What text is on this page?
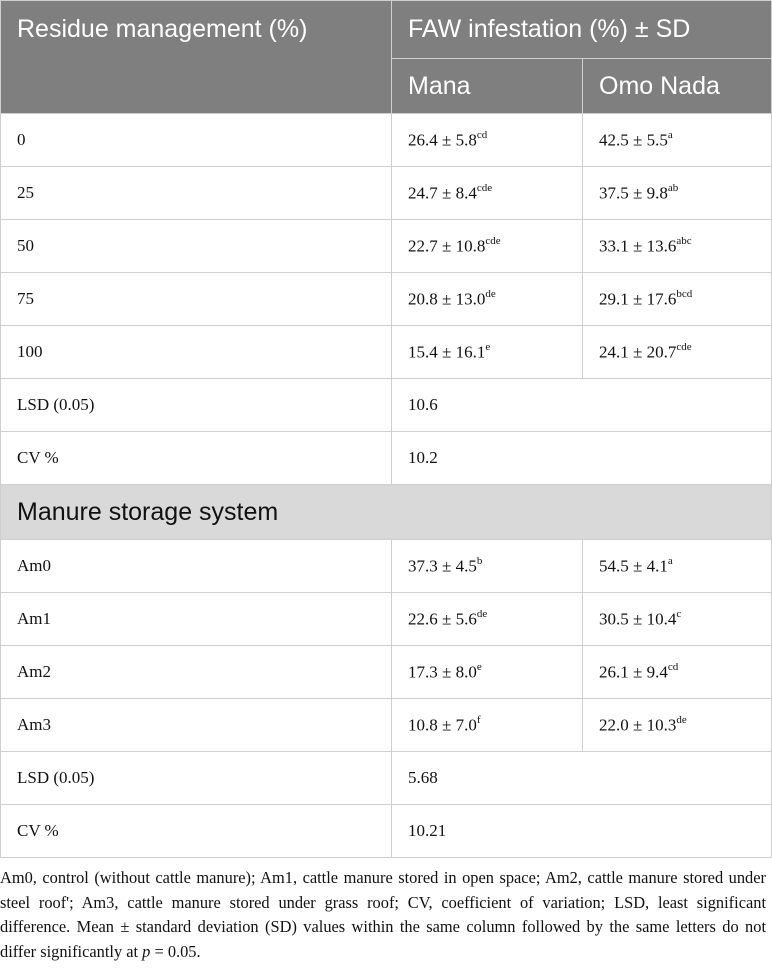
Residue management (%)	FAW infestation (%) ± SD	
	Mana	Omo Nada
0	26.4 ± 5.8$^{cd}$	42.5 ± 5.5$^a$
25	24.7 ± 8.4$^{cde}$	37.5 ± 9.8$^{ab}$
50	22.7 ± 10.8$^{cde}$	33.1 ± 13.6$^{abc}$
75	20.8 ± 13.0de	29.1 ± 17.6$^{bcd}$
100	15.4 ± 16.1$^e$	24.1 ± 20.7$^{cde}$
LSD (0.05)	10.6	
CV %	10.2	
Manure storage system		
Am0	37.3 ± 4.5$^b$	54.5 ± 4.1$^a$
Am1	22.6 ± 5.6de	30.5 ± 10.4$^c$
Am2	17.3 ± 8.0$^e$	26.1 ± 9.4$^{cd}$
Am3	10.8 ± 7.0$^f$	22.0 ± 10.3de
LSD (0.05)	5.68	
CV %	10.21	
Am0, control (without cattle manure); Am1, cattle manure stored in open space; Am2, cattle manure stored under steel roof'; Am3, cattle manure stored under grass roof; CV, coefficient of variation; LSD, least significant difference. Mean ± standard deviation (SD) values within the same column followed by the same letters do not differ significantly at p = 0.05.
